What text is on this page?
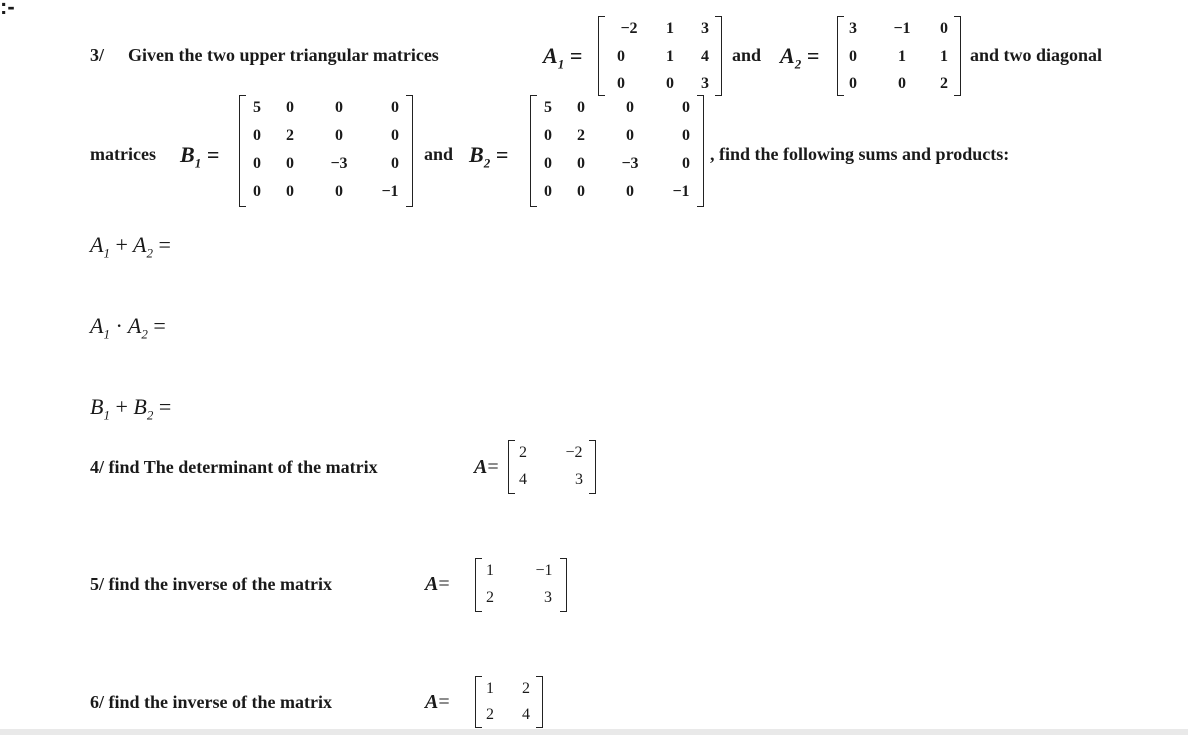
:-
3/ Given the two upper triangular matrices	$A_1$ =
−2 1 3
0	1 4
0	0 3
and $A_2$ =
3 −1 0
0	1 1
0	0 2
and two diagonal
matrices $B_1$ =
5 0	0	0
0 2	0	0
0 0 −3	0
0 0	0 −1
and $B_2$ =
5 0	0	0
0 2	0	0
0 0 −3	0
0 0	0 −1
, find the following sums and products:
$A_1 + A_2$ =
$A_1 \cdot A_2$ =
$B_1 + B_2$ =
4/ find The determinant of the matrix	A=
2 −2
4	3
5/ find the inverse of the matrix	A=
1	−1
2	3
6/ find the inverse of the matrix	A=
1 2
2 4
